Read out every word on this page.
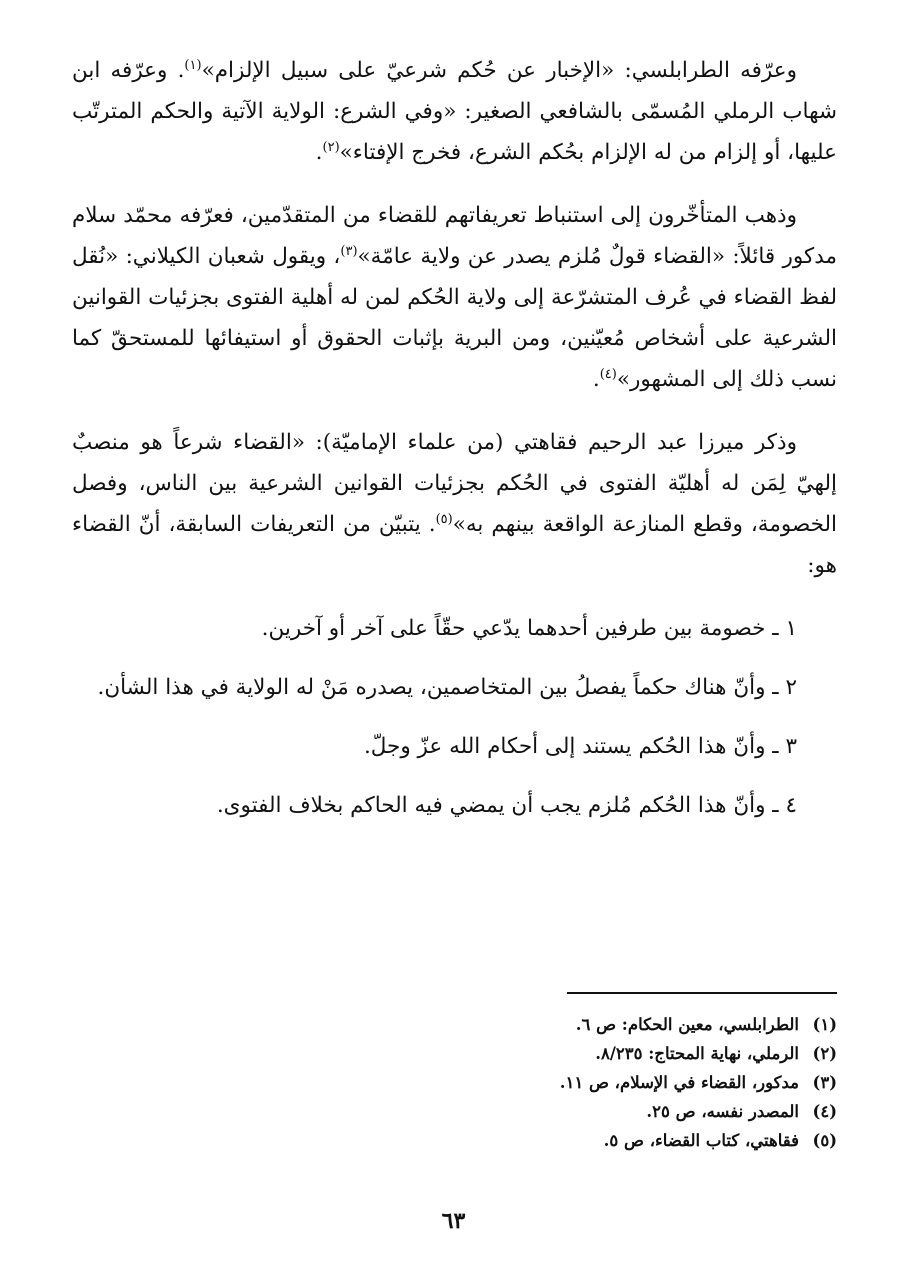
وعرّفه الطرابلسي: «الإخبار عن حُكم شرعيّ على سبيل الإلزام»$^{(١)}$. وعرّفه ابن شهاب الرملي المُسمّى بالشافعي الصغير: «وفي الشرع: الولاية الآتية والحكم المترتّب عليها، أو إلزام من له الإلزام بحُكم الشرع، فخرج الإفتاء»$^{(٢)}$.

وذهب المتأخّرون إلى استنباط تعريفاتهم للقضاء من المتقدّمين، فعرّفه محمّد سلام مدكور قائلاً: «القضاء قولٌ مُلزم يصدر عن ولاية عامّة»$^{(٣)}$، ويقول شعبان الكيلاني: «نُقل لفظ القضاء في عُرف المتشرّعة إلى ولاية الحُكم لمن له أهلية الفتوى بجزئيات القوانين الشرعية على أشخاص مُعيّنين، ومن البرية بإثبات الحقوق أو استيفائها للمستحقّ كما نسب ذلك إلى المشهور»$^{(٤)}$.

وذكر ميرزا عبد الرحيم فقاهتي (من علماء الإماميّة): «القضاء شرعاً هو منصبٌ إلهيّ لِمَن له أهليّة الفتوى في الحُكم بجزئيات القوانين الشرعية بين الناس، وفصل الخصومة، وقطع المنازعة الواقعة بينهم به»$^{(٥)}$. يتبيّن من التعريفات السابقة، أنّ القضاء هو:

١ ـ خصومة بين طرفين أحدهما يدّعي حقّاً على آخر أو آخرين.
٢ ـ وأنّ هناك حكماً يفصلُ بين المتخاصمين، يصدره مَنْ له الولاية في هذا الشأن.
٣ ـ وأنّ هذا الحُكم يستند إلى أحكام الله عزّ وجلّ.
٤ ـ وأنّ هذا الحُكم مُلزم يجب أن يمضي فيه الحاكم بخلاف الفتوى.
(١)الطرابلسي، معين الحكام: ص ٦.
(٢)الرملي، نهاية المحتاج: ٨/٢٣٥.
(٣)مدكور، القضاء في الإسلام، ص ١١.
(٤)المصدر نفسه، ص ٢٥.
(٥)فقاهتي، كتاب القضاء، ص ٥.
٦٣
